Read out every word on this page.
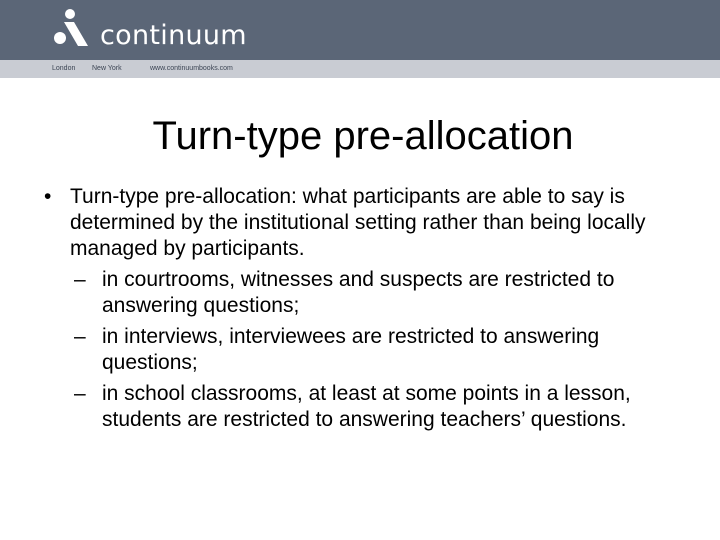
continuum
London New York	www.continuumbooks.com
Turn-type pre-allocation
• Turn-type pre-allocation: what participants are able to say is determined by the institutional setting rather than being locally managed by participants.
– in courtrooms, witnesses and suspects are restricted to answering questions;
– in interviews, interviewees are restricted to answering questions;
– in school classrooms, at least at some points in a lesson, students are restricted to answering teachers’ questions.
